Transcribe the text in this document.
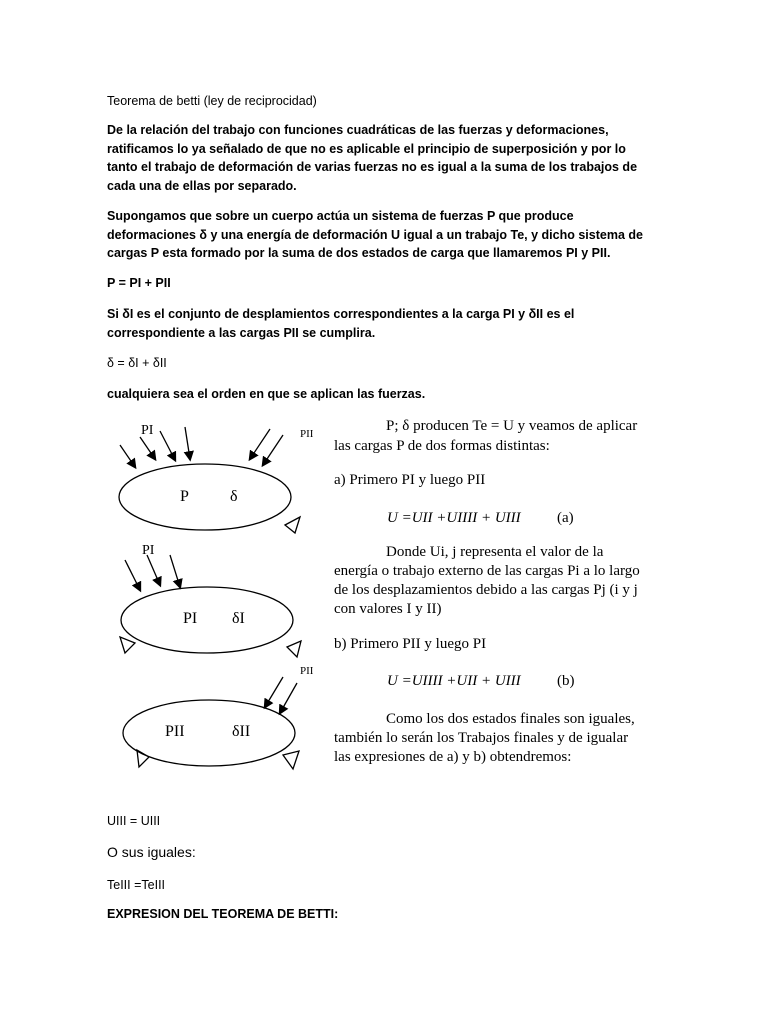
Teorema de betti (ley de reciprocidad)

De la relación del trabajo con funciones cuadráticas de las fuerzas y deformaciones, ratificamos lo ya señalado de que no es aplicable el principio de superposición y por lo tanto el trabajo de deformación de varias fuerzas no es igual a la suma de los trabajos de cada una de ellas por separado.

Supongamos que sobre un cuerpo actúa un sistema de fuerzas P que produce deformaciones δ y una energía de deformación U igual a un trabajo Te, y dicho sistema de cargas P esta formado por la suma de dos estados de carga que llamaremos PI y PII.

P = PI + PII

Si δI es el conjunto de desplamientos correspondientes a la carga PI y δII es el correspondiente a las cargas PII se cumplira.

δ = δI + δII

cualquiera sea el orden en que se aplican las fuerzas.

PI	PII
P	δ
PI
PI δI
PII
PII	δII
P; δ producen Te = U y veamos de aplicar
las cargas P de dos formas distintas:
a) Primero PI y luego PII
U =UII +UIIII + UIII (a)
Donde Ui, j representa el valor de la
energía o trabajo externo de las cargas Pi a lo largo
de los desplazamientos debido a las cargas Pj (i y j
con valores I y II)
b) Primero PII y luego PI
U =UIIII +UII + UIII (b)
Como los dos estados finales son iguales,
también lo serán los Trabajos finales y de igualar
las expresiones de a) y b) obtendremos:

UIII = UIII

O sus iguales:

TeIII =TeIII

EXPRESION DEL TEOREMA DE BETTI:
